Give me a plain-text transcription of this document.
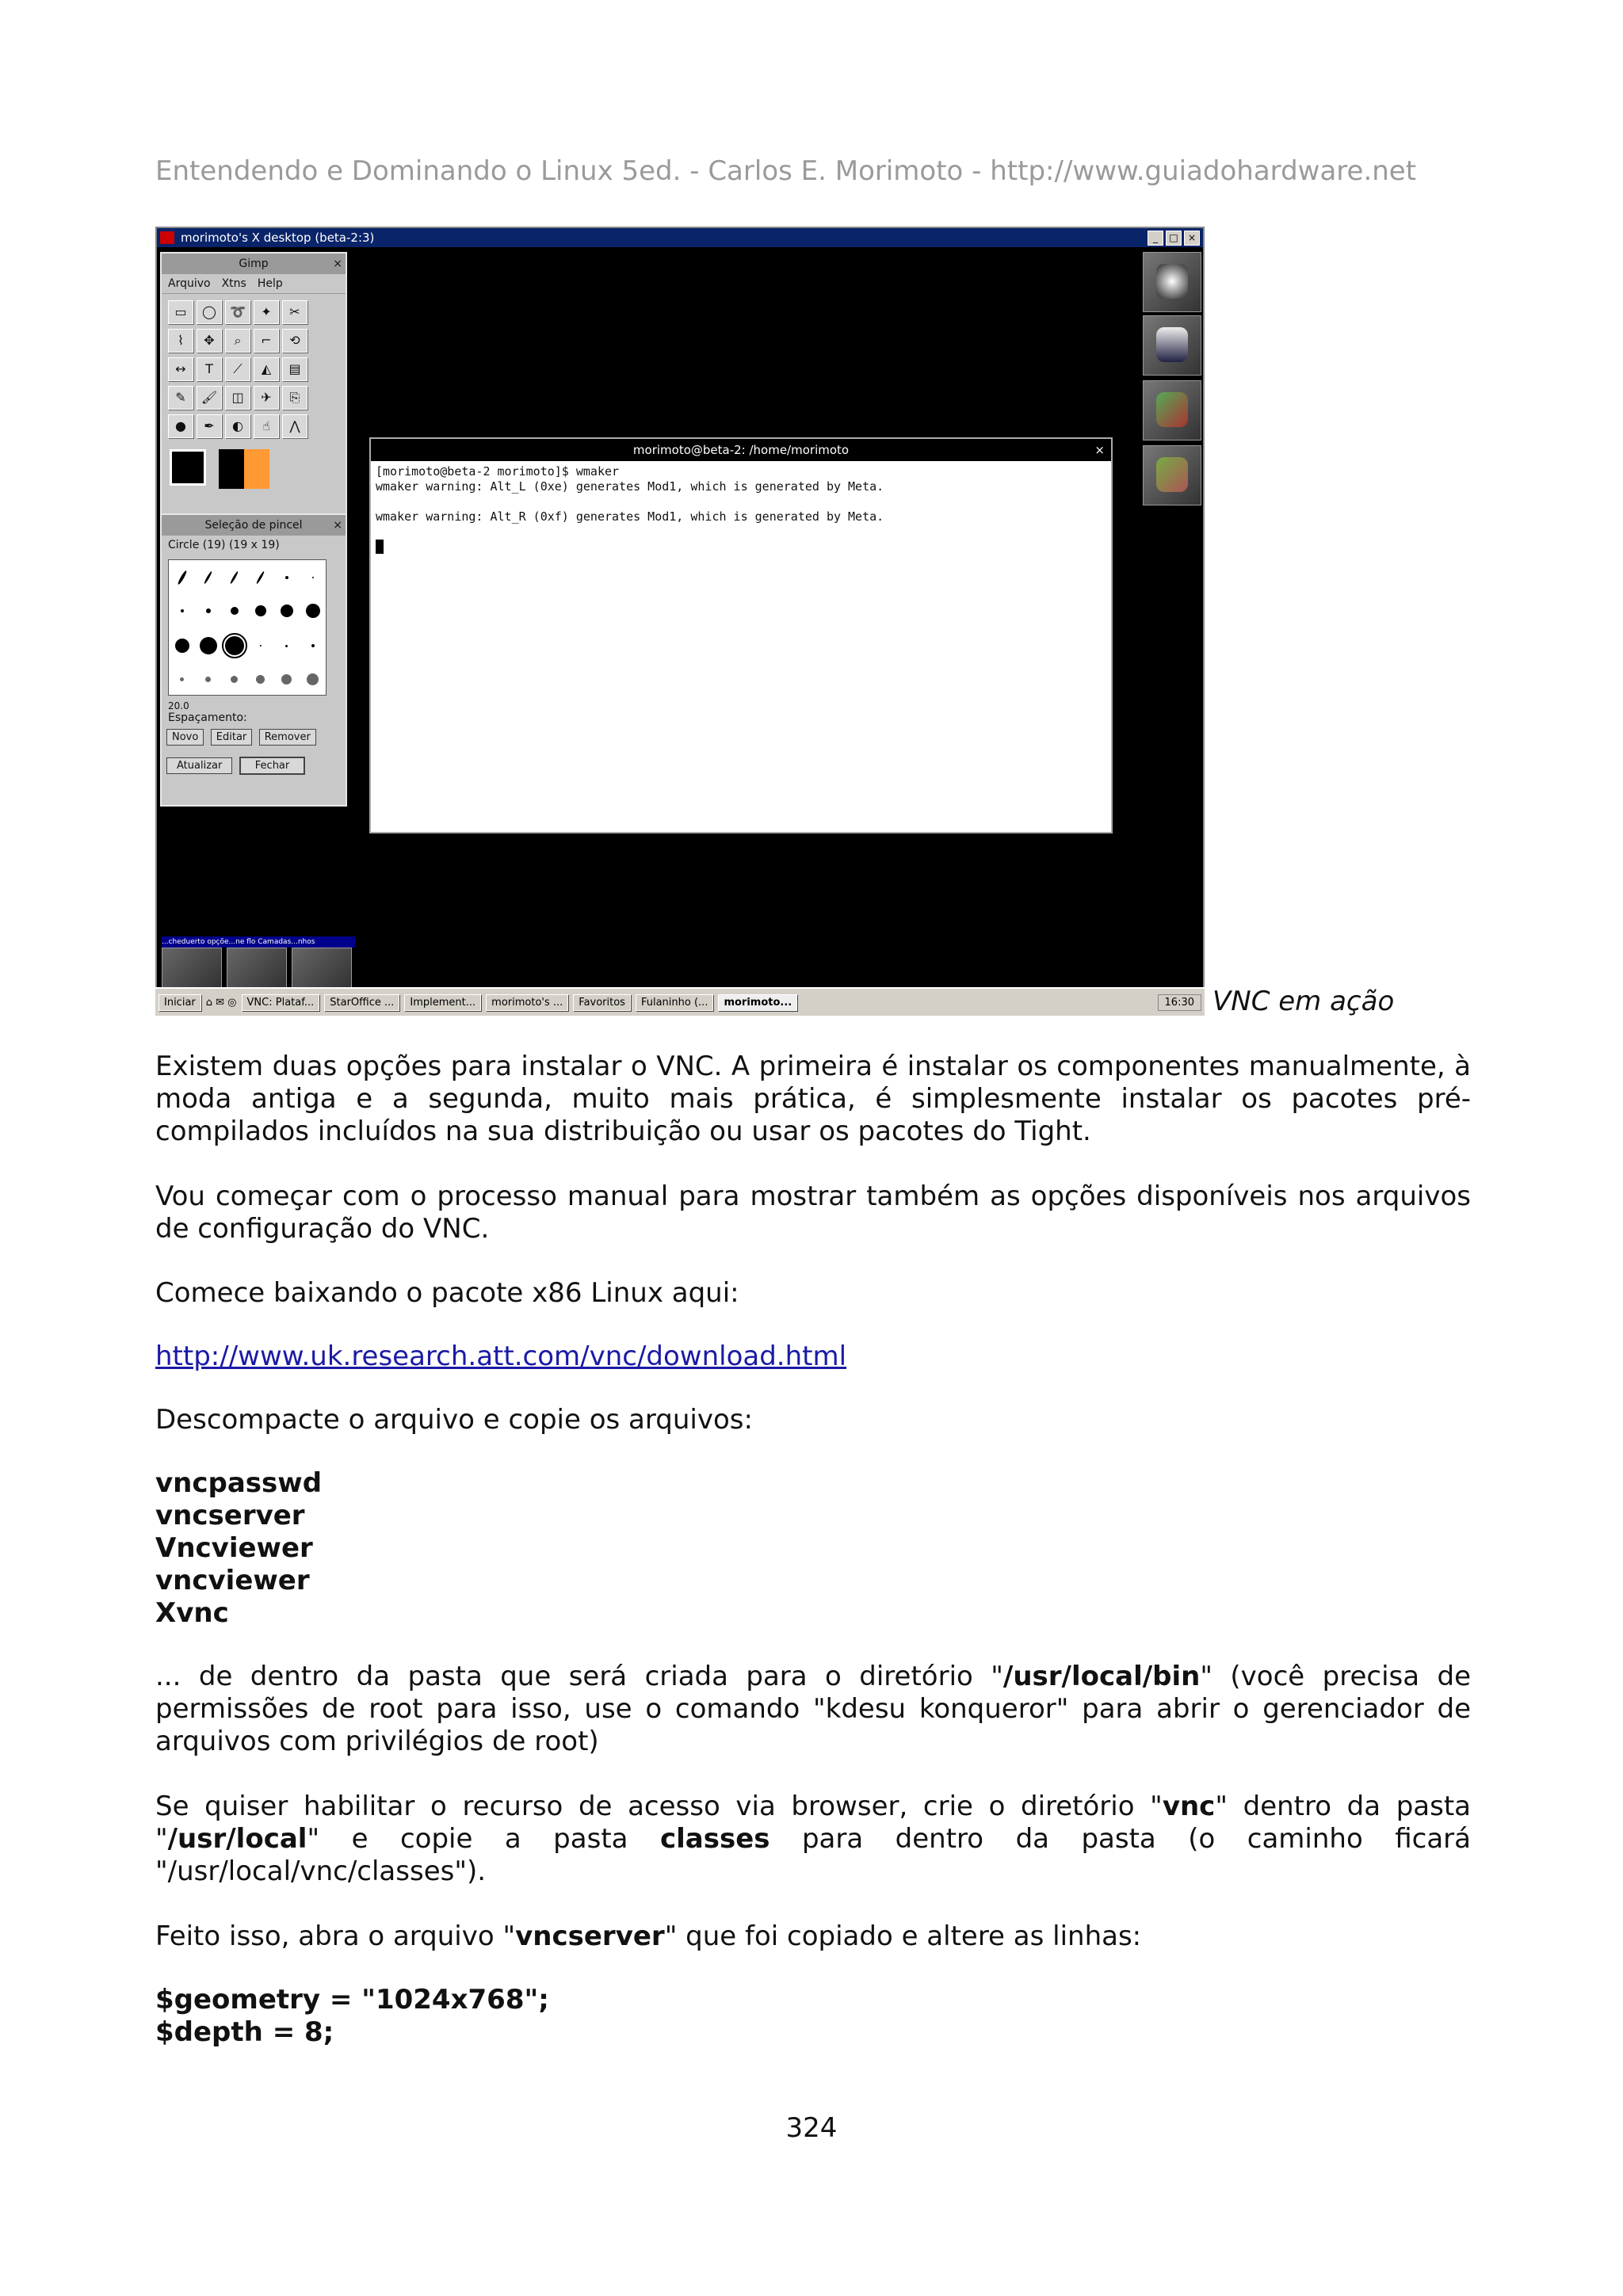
Entendendo e Dominando o Linux 5ed. - Carlos E. Morimoto - http://www.guiadohardware.net
morimoto's X desktop (beta-2:3)	_	□	×
Gimp	×
Arquivo Xtns Help
▭	◯	➰	✦	✂
⌇	✥	⌕	⌐	⟲
↔	T	⟋	◭	▤
✎	🖌	◫	✈	⎘
●	✒	◐	☝	⋀
Seleção de pincel	×
Circle (19) (19 x 19)
20.0
Espaçamento:
Novo Editar Remover
Atualizar	Fechar
morimoto@beta-2: /home/morimoto	×
[morimoto@beta-2 morimoto]$ wmaker
wmaker warning: Alt_L (0xe) generates Mod1, which is generated by Meta.
wmaker warning: Alt_R (0xf) generates Mod1, which is generated by Meta.
...cheduerto opçõe...ne flo Camadas...nhos
Iniciar	⌂ ✉ ◎	VNC: Plataf...	StarOffice ...	Implement...	morimoto's ...	Favoritos	Fulaninho (...	morimoto...	16:30 VNC em ação

Existem duas opções para instalar o VNC. A primeira é instalar os componentes manualmente, à moda antiga e a segunda, muito mais prática, é simplesmente instalar os pacotes pré-compilados incluídos na sua distribuição ou usar os pacotes do Tight.

Vou começar com o processo manual para mostrar também as opções disponíveis nos arquivos de configuração do VNC.

Comece baixando o pacote x86 Linux aqui:

http://www.uk.research.att.com/vnc/download.html

Descompacte o arquivo e copie os arquivos:

vncpasswd
vncserver
Vncviewer
vncviewer
Xvnc

... de dentro da pasta que será criada para o diretório "/usr/local/bin" (você precisa de permissões de root para isso, use o comando "kdesu konqueror" para abrir o gerenciador de arquivos com privilégios de root)

Se quiser habilitar o recurso de acesso via browser, crie o diretório "vnc" dentro da pasta "/usr/local" e copie a pasta classes para dentro da pasta (o caminho ficará "/usr/local/vnc/classes").

Feito isso, abra o arquivo "vncserver" que foi copiado e altere as linhas:

$geometry = "1024x768";
$depth = 8;
324
